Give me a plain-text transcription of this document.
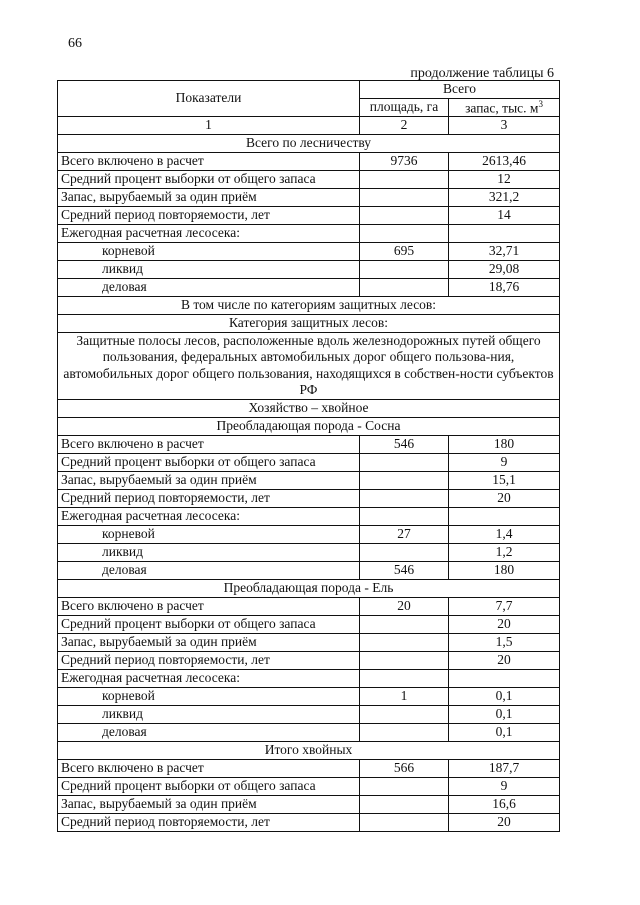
66
продолжение таблицы 6
Показатели	Всего	
	площадь, га	запас, тыс. $м^3$
1	2	3
Всего по лесничеству		
Всего включено в расчет	9736	2613,46
Средний процент выборки от общего запаса		12
Запас, вырубаемый за один приём		321,2
Средний период повторяемости, лет		14
Ежегодная расчетная лесосека:		
корневой	695	32,71
ликвид		29,08
деловая		18,76
В том числе по категориям защитных лесов:		
Категория защитных лесов:		
Защитные полосы лесов, расположенные вдоль железнодорожных путей общего пользования, федеральных автомобильных дорог общего пользова-ния, автомобильных дорог общего пользования, находящихся в собствен-ности субъектов РФ		
Хозяйство – хвойное		
Преобладающая порода - Сосна		
Всего включено в расчет	546	180
Средний процент выборки от общего запаса		9
Запас, вырубаемый за один приём		15,1
Средний период повторяемости, лет		20
Ежегодная расчетная лесосека:		
корневой	27	1,4
ликвид		1,2
деловая	546	180
Преобладающая порода - Ель		
Всего включено в расчет	20	7,7
Средний процент выборки от общего запаса		20
Запас, вырубаемый за один приём		1,5
Средний период повторяемости, лет		20
Ежегодная расчетная лесосека:		
корневой	1	0,1
ликвид		0,1
деловая		0,1
Итого хвойных		
Всего включено в расчет	566	187,7
Средний процент выборки от общего запаса		9
Запас, вырубаемый за один приём		16,6
Средний период повторяемости, лет		20
